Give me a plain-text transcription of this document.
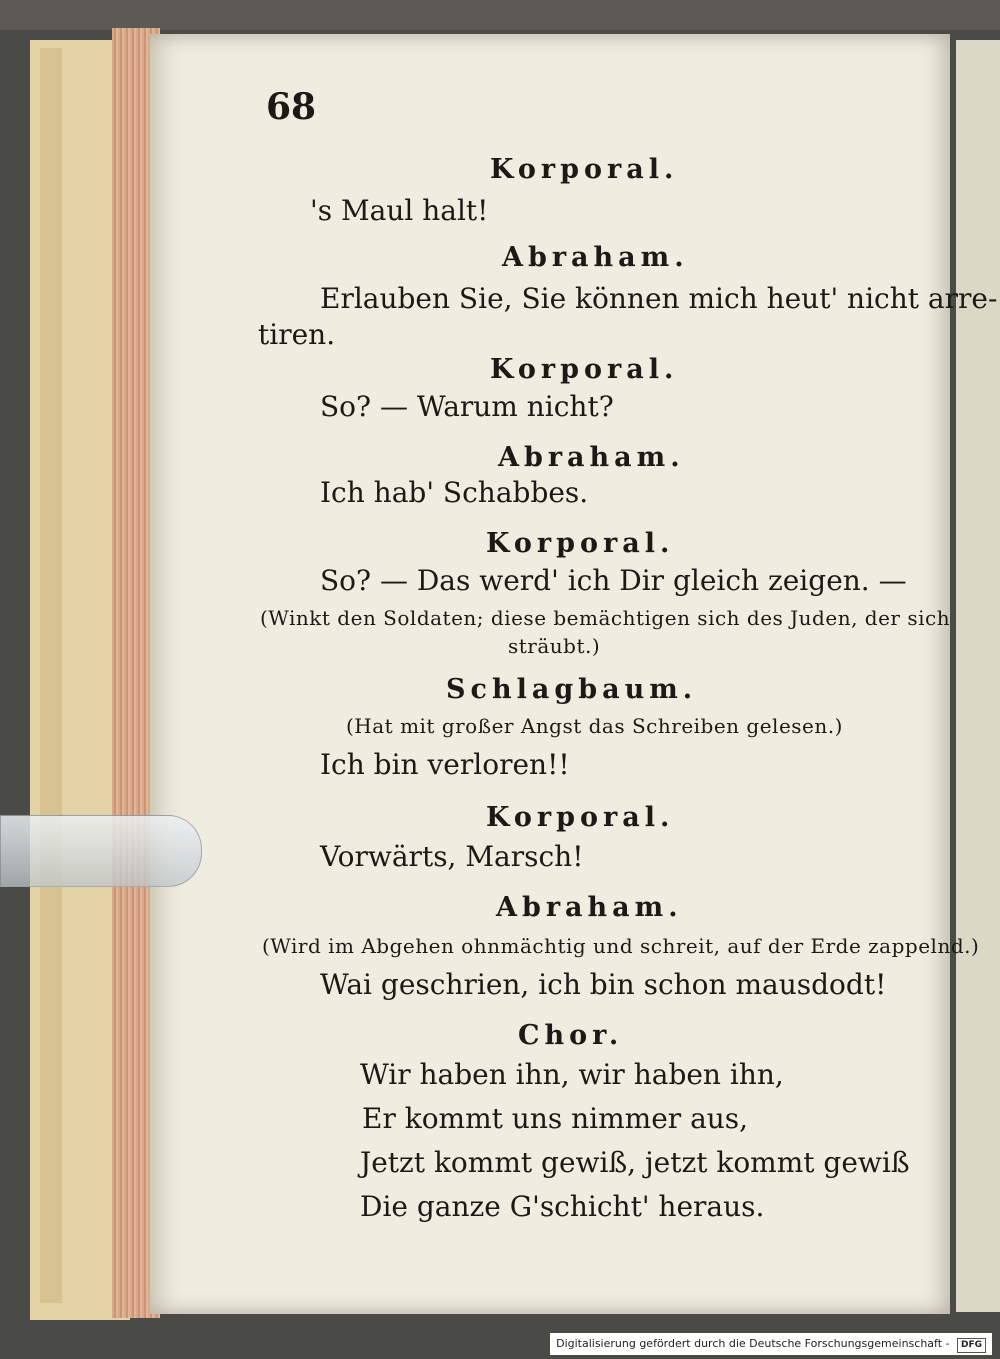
68
Korporal.
's Maul halt!
Abraham.
Erlauben Sie, Sie können mich heut' nicht arre-
tiren.
Korporal.
So? — Warum nicht?
Abraham.
Ich hab' Schabbes.
Korporal.
So? — Das werd' ich Dir gleich zeigen. —
(Winkt den Soldaten; diese bemächtigen sich des Juden, der sich
sträubt.)
Schlagbaum.
(Hat mit großer Angst das Schreiben gelesen.)
Ich bin verloren!!
Korporal.
Vorwärts, Marsch!
Abraham.
(Wird im Abgehen ohnmächtig und schreit, auf der Erde zappelnd.)
Wai geschrien, ich bin schon mausdodt!
Chor.
Wir haben ihn, wir haben ihn,
Er kommt uns nimmer aus,
Jetzt kommt gewiß, jetzt kommt gewiß
Die ganze G'schicht' heraus.
Digitalisierung gefördert durch die Deutsche Forschungsgemeinschaft - DFG
